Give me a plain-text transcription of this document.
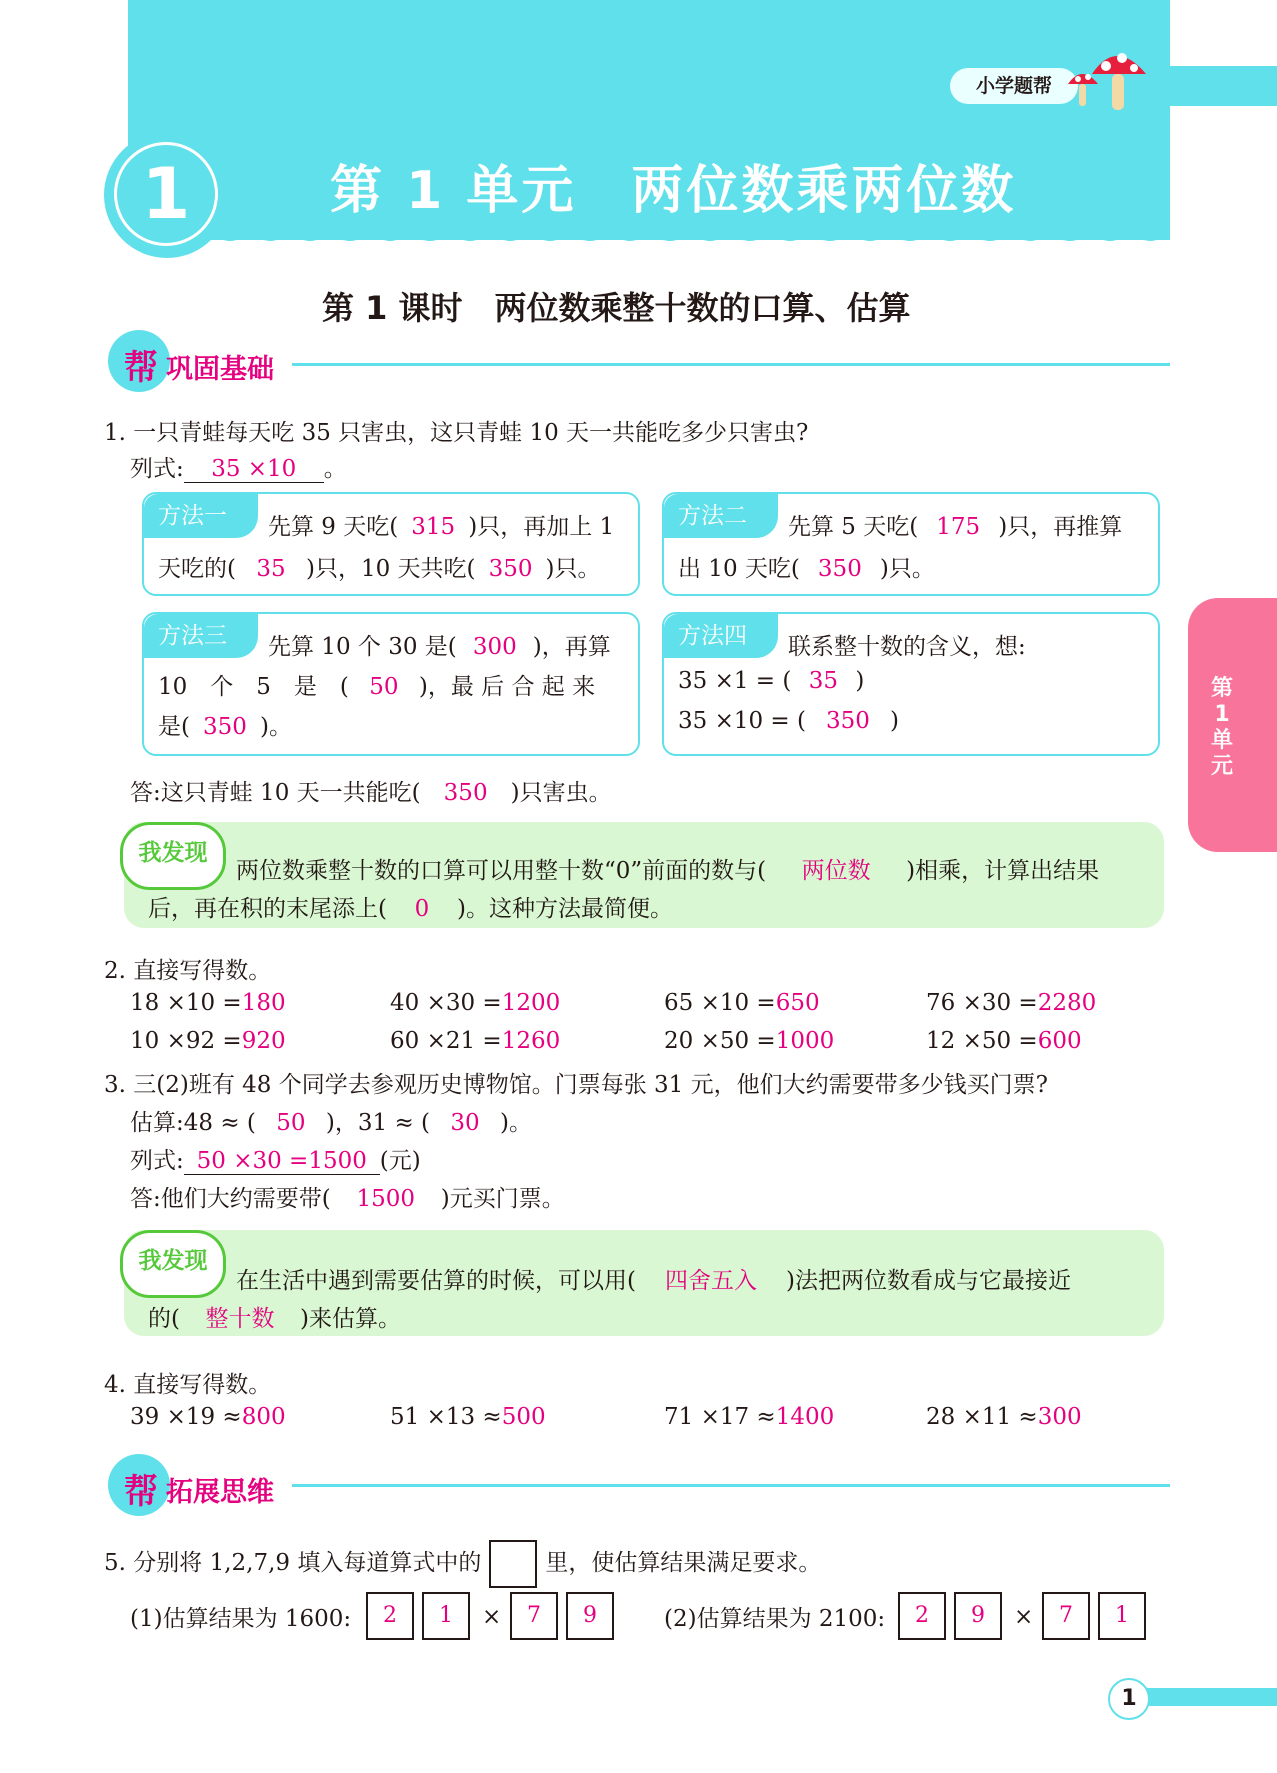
小学题帮
1	第 1 单元　两位数乘两位数
第 1 课时　两位数乘整十数的口算、估算
帮 巩固基础
1. 一只青蛙每天吃 35 只害虫，这只青蛙 10 天一共能吃多少只害虫?
列式: 35 ×10 。
方法一	先算 9 天吃( 315 )只，再加上 1
天吃的( 35 )只，10 天共吃( 350 )只。
方法二	先算 5 天吃( 175 )只，再推算
出 10 天吃( 350 )只。
方法三	先算 10 个 30 是( 300 )，再算
10　个　5　是　( 50 )，最 后 合 起 来
是( 350 )。
方法四	联系整十数的含义，想:
35 ×1 = ( 35 )
35 ×10 = ( 350 )
答:这只青蛙 10 天一共能吃( 350 )只害虫。
我发现
两位数乘整十数的口算可以用整十数“0”前面的数与( 两位数 )相乘，计算出结果
后，再在积的末尾添上( 0 )。这种方法最简便。
2. 直接写得数。
18 ×10 =180	40 ×30 =1200	65 ×10 =650	76 ×30 =2280
10 ×92 =920	60 ×21 =1260	20 ×50 =1000	12 ×50 =600
3. 三(2)班有 48 个同学去参观历史博物馆。门票每张 31 元，他们大约需要带多少钱买门票?
估算:48 ≈ ( 50 )，31 ≈ ( 30 )。
列式: 50 ×30 =1500 (元)
答:他们大约需要带( 1500 )元买门票。
我发现
在生活中遇到需要估算的时候，可以用( 四舍五入 )法把两位数看成与它最接近
的( 整十数 )来估算。
4. 直接写得数。
39 ×19 ≈800	51 ×13 ≈500	71 ×17 ≈1400	28 ×11 ≈300
帮 拓展思维
5. 分别将 1,2,7,9 填入每道算式中的	里，使估算结果满足要求。
(1)估算结果为 1600:	2	1	×	7	9	(2)估算结果为 2100:	2	9	×	7	1
第1单元
1
